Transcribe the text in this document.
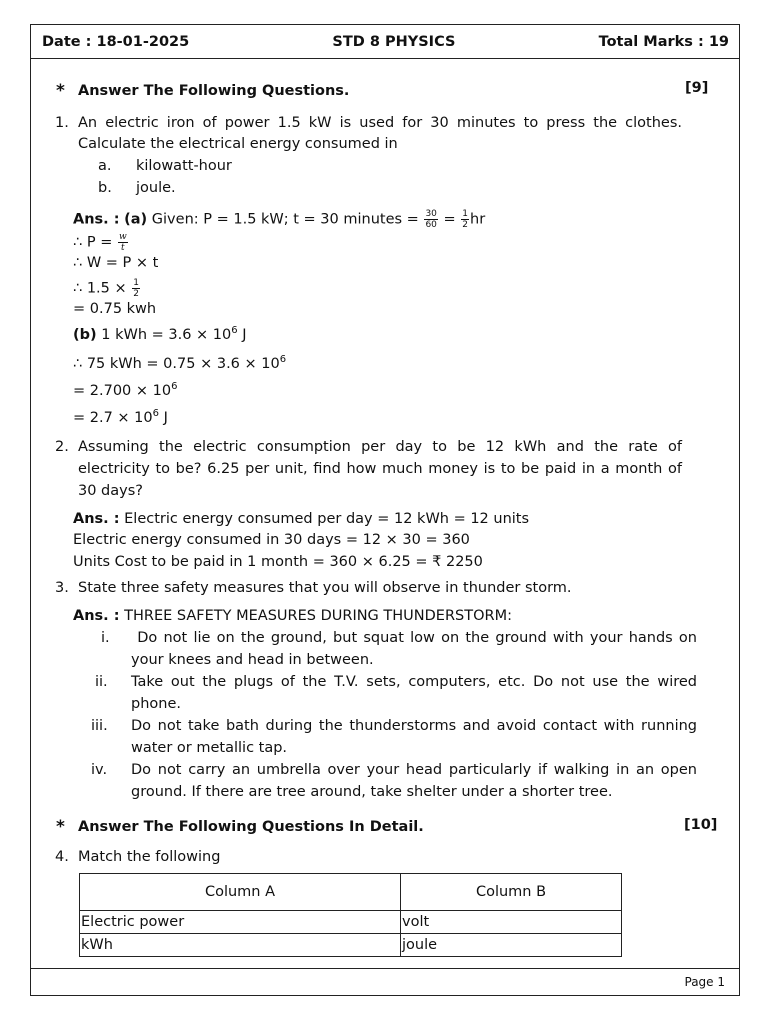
Date : 18-01-2025	STD 8 PHYSICS	Total Marks : 19
Column A	Column B
Electric power	volt
kWh	joule
Page 1
* Answer The Following Questions.	[9]
1. An electric iron of power 1.5 kW is used for 30 minutes to press the clothes.
Calculate the electrical energy consumed in
a. kilowatt-hour
b. joule.
Ans. : (a) Given: P = 1.5 kW; t = 30 minutes = $\frac{30}{60} = \frac{1}{2}$ hr
∴ $P = \frac{w}{t}$
∴ W = P × t
∴ $1.5 \times \frac{1}{2}$
= 0.75 kwh
(b) 1 kWh = $3.6 \times 10^6$ J
∴ 75 kWh = $0.75 \times 3.6 \times 10^6$
= $2.700 \times 10^6$
= $2.7 \times 10^6$ J
2. Assuming the electric consumption per day to be 12 kWh and the rate of
electricity to be? 6.25 per unit, find how much money is to be paid in a month of
30 days?
Ans. : Electric energy consumed per day = 12 kWh = 12 units
Electric energy consumed in 30 days = 12 × 30 = 360
Units Cost to be paid in 1 month = 360 × 6.25 = ₹ 2250
3. State three safety measures that you will observe in thunder storm.
Ans. : THREE SAFETY MEASURES DURING THUNDERSTORM:
i. Do not lie on the ground, but squat low on the ground with your hands on
your knees and head in between.
ii. Take out the plugs of the T.V. sets, computers, etc. Do not use the wired
phone.
iii. Do not take bath during the thunderstorms and avoid contact with running
water or metallic tap.
iv. Do not carry an umbrella over your head particularly if walking in an open
ground. If there are tree around, take shelter under a shorter tree.
* Answer The Following Questions In Detail.	[10]
4. Match the following
